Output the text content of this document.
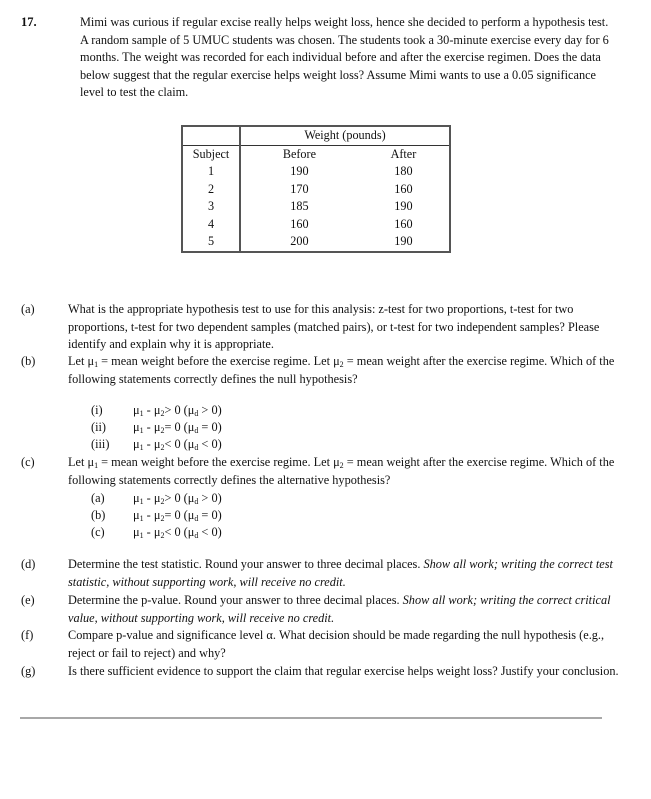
17.	Mimi was curious if regular excise really helps weight loss, hence she decided to perform a hypothesis test. A random sample of 5 UMUC students was chosen. The students took a 30-minute exercise every day for 6 months. The weight was recorded for each individual before and after the exercise regimen. Does the data below suggest that the regular exercise helps weight loss? Assume Mimi wants to use a 0.05 significance level to test the claim.
	Weight (pounds)	
Subject	Before	After
1	190	180
2	170	160
3	185	190
4	160	160
5	200	190
(a)	What is the appropriate hypothesis test to use for this analysis: z-test for two proportions, t-test for two proportions, t-test for two dependent samples (matched pairs), or t-test for two independent samples? Please identify and explain why it is appropriate.
(b)	Let $\mu_1$ = mean weight before the exercise regime. Let $\mu_2$ = mean weight after the exercise regime. Which of the following statements correctly defines the null hypothesis?
(i) $\mu_1 - \mu_2> 0$ $(\mu_d > 0)$
(ii) $\mu_1 - \mu_2= 0$ $(\mu_d = 0)$
(iii) $\mu_1 - \mu_2< 0$ $(\mu_d < 0)$
(c)	Let $\mu_1$ = mean weight before the exercise regime. Let $\mu_2$ = mean weight after the exercise regime. Which of the following statements correctly defines the alternative hypothesis?
(a) $\mu_1 - \mu_2> 0$ $(\mu_d > 0)$
(b) $\mu_1 - \mu_2= 0$ $(\mu_d = 0)$
(c) $\mu_1 - \mu_2< 0$ $(\mu_d < 0)$
(d)	Determine the test statistic. Round your answer to three decimal places. Show all work; writing the correct test statistic, without supporting work, will receive no credit.
(e)	Determine the p-value. Round your answer to three decimal places. Show all work; writing the correct critical value, without supporting work, will receive no credit.
(f)	Compare p-value and significance level α. What decision should be made regarding the null hypothesis (e.g., reject or fail to reject) and why?
(g)	Is there sufficient evidence to support the claim that regular exercise helps weight loss? Justify your conclusion.
